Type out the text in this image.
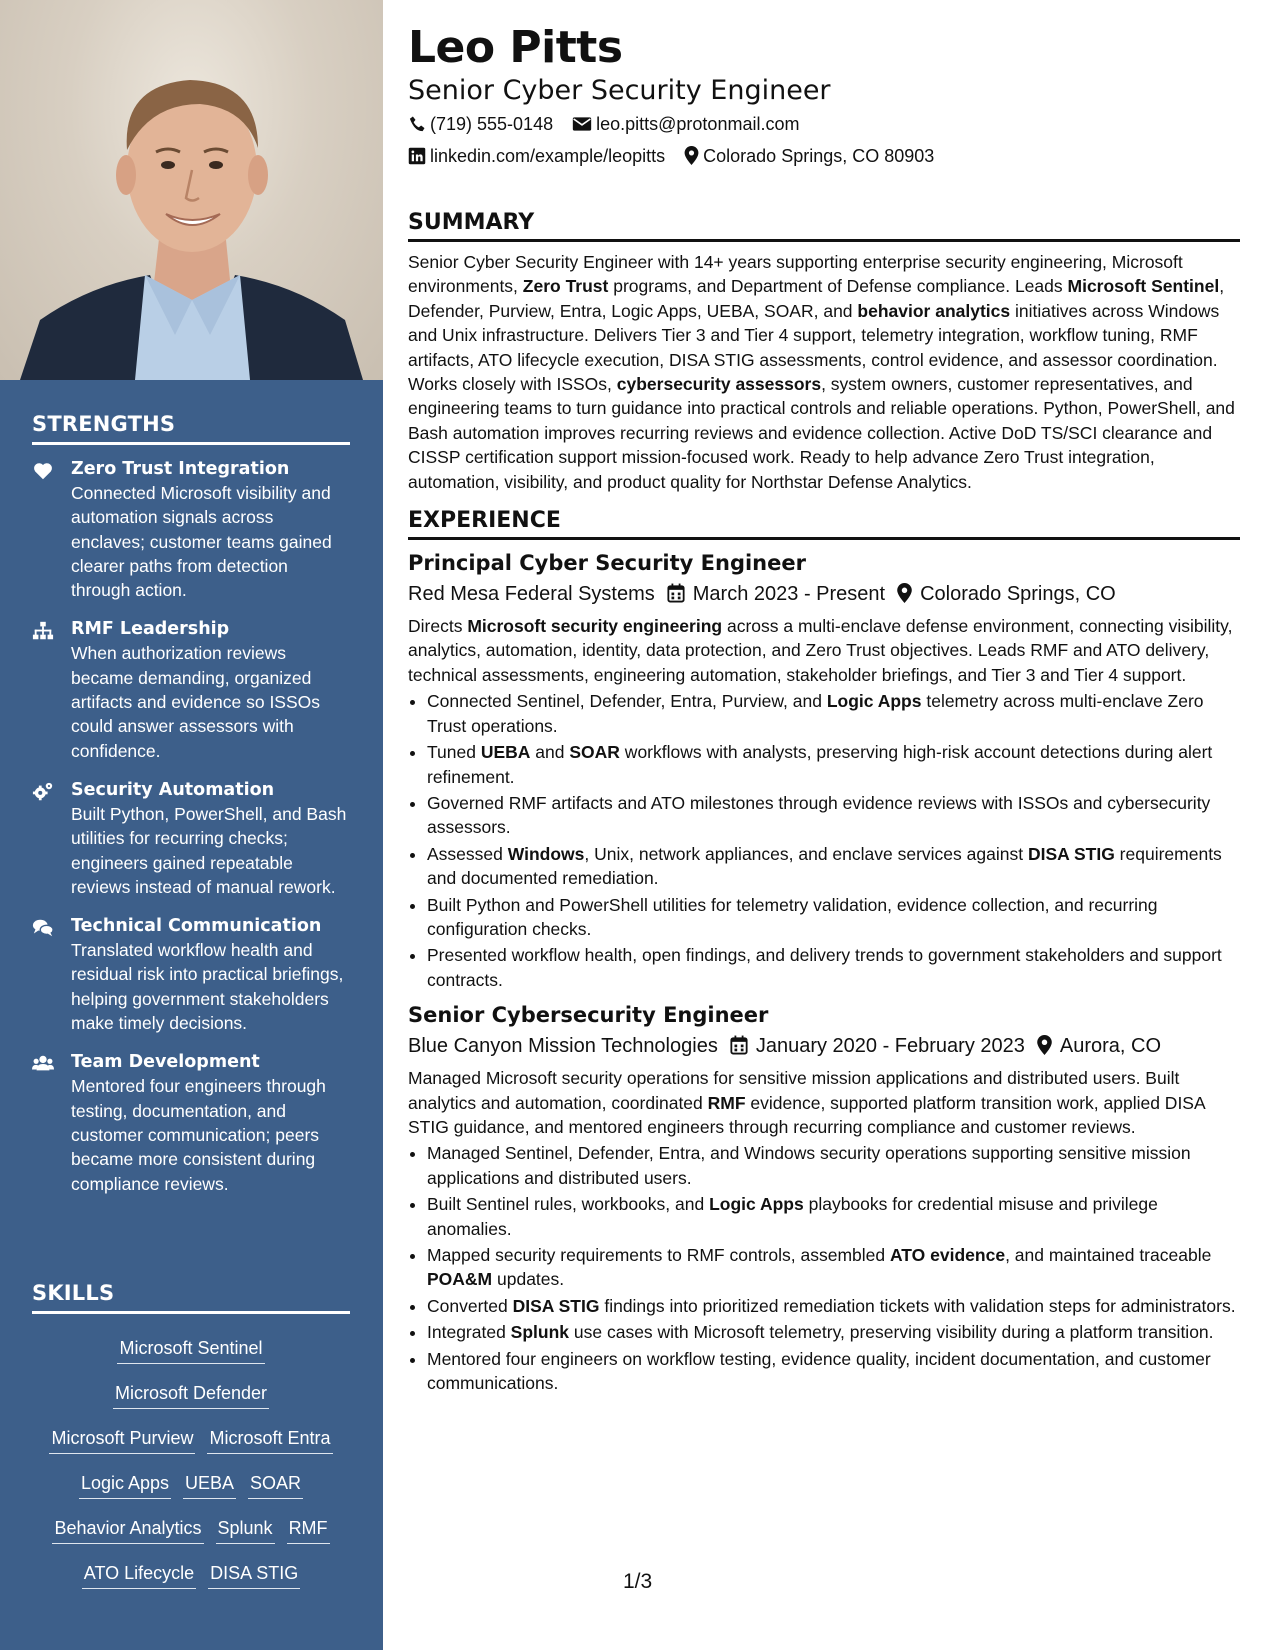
STRENGTHS
Zero Trust Integration
Connected Microsoft visibility and automation signals across enclaves; customer teams gained clearer paths from detection through action.
RMF Leadership
When authorization reviews became demanding, organized artifacts and evidence so ISSOs could answer assessors with confidence.
Security Automation
Built Python, PowerShell, and Bash utilities for recurring checks; engineers gained repeatable reviews instead of manual rework.
Technical Communication
Translated workflow health and residual risk into practical briefings, helping government stakeholders make timely decisions.
Team Development
Mentored four engineers through testing, documentation, and customer communication; peers became more consistent during compliance reviews.
SKILLS
Microsoft Sentinel
Microsoft Defender
Microsoft Purview Microsoft Entra
Logic Apps UEBA SOAR
Behavior Analytics Splunk RMF
ATO Lifecycle DISA STIG
Leo Pitts
Senior Cyber Security Engineer
(719) 555-0148 leo.pitts@protonmail.com
linkedin.com/example/leopitts Colorado Springs, CO 80903
SUMMARY
Senior Cyber Security Engineer with 14+ years supporting enterprise security engineering, Microsoft environments, Zero Trust programs, and Department of Defense compliance. Leads Microsoft Sentinel, Defender, Purview, Entra, Logic Apps, UEBA, SOAR, and behavior analytics initiatives across Windows and Unix infrastructure. Delivers Tier 3 and Tier 4 support, telemetry integration, workflow tuning, RMF artifacts, ATO lifecycle execution, DISA STIG assessments, control evidence, and assessor coordination. Works closely with ISSOs, cybersecurity assessors, system owners, customer representatives, and engineering teams to turn guidance into practical controls and reliable operations. Python, PowerShell, and Bash automation improves recurring reviews and evidence collection. Active DoD TS/SCI clearance and CISSP certification support mission-focused work. Ready to help advance Zero Trust integration, automation, visibility, and product quality for Northstar Defense Analytics.
EXPERIENCE
Principal Cyber Security Engineer
Red Mesa Federal Systems March 2023 - Present Colorado Springs, CO
Directs Microsoft security engineering across a multi-enclave defense environment, connecting visibility, analytics, automation, identity, data protection, and Zero Trust objectives. Leads RMF and ATO delivery, technical assessments, engineering automation, stakeholder briefings, and Tier 3 and Tier 4 support.
• Connected Sentinel, Defender, Entra, Purview, and Logic Apps telemetry across multi-enclave Zero Trust operations.
• Tuned UEBA and SOAR workflows with analysts, preserving high-risk account detections during alert refinement.
• Governed RMF artifacts and ATO milestones through evidence reviews with ISSOs and cybersecurity assessors.
• Assessed Windows, Unix, network appliances, and enclave services against DISA STIG requirements and documented remediation.
• Built Python and PowerShell utilities for telemetry validation, evidence collection, and recurring configuration checks.
• Presented workflow health, open findings, and delivery trends to government stakeholders and support contracts.
Senior Cybersecurity Engineer
Blue Canyon Mission Technologies January 2020 - February 2023 Aurora, CO
Managed Microsoft security operations for sensitive mission applications and distributed users. Built analytics and automation, coordinated RMF evidence, supported platform transition work, applied DISA STIG guidance, and mentored engineers through recurring compliance and customer reviews.
• Managed Sentinel, Defender, Entra, and Windows security operations supporting sensitive mission applications and distributed users.
• Built Sentinel rules, workbooks, and Logic Apps playbooks for credential misuse and privilege anomalies.
• Mapped security requirements to RMF controls, assembled ATO evidence, and maintained traceable POA&M updates.
• Converted DISA STIG findings into prioritized remediation tickets with validation steps for administrators.
• Integrated Splunk use cases with Microsoft telemetry, preserving visibility during a platform transition.
• Mentored four engineers on workflow testing, evidence quality, incident documentation, and customer communications.
1/3
